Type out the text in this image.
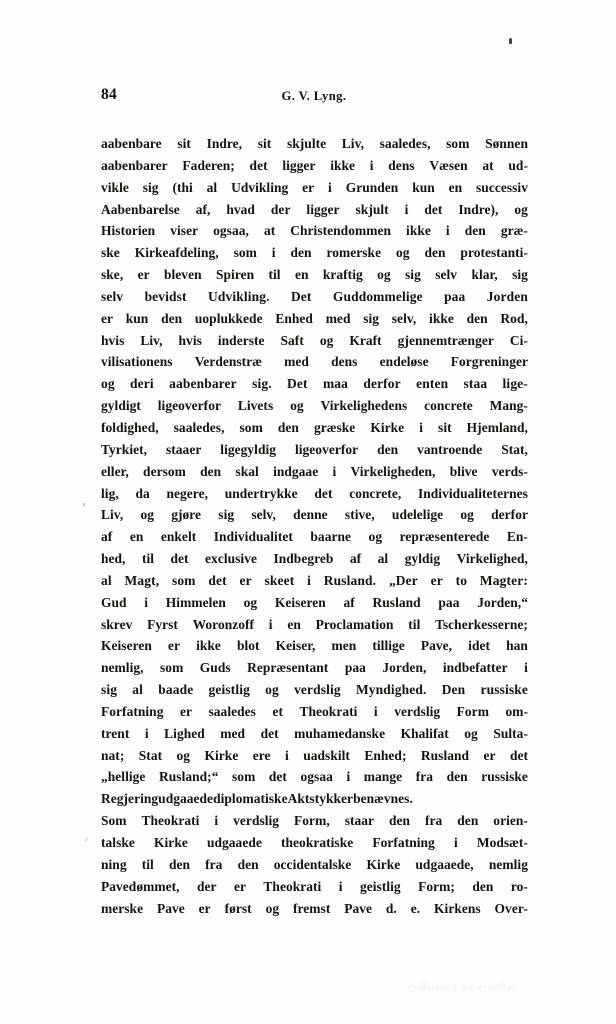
84	G. V. Lyng.
aabenbare sit Indre, sit skjulte Liv, saaledes, som Sønnen
aabenbarer Faderen; det ligger ikke i dens Væsen at ud-
vikle sig (thi al Udvikling er i Grunden kun en successiv
Aabenbarelse af, hvad der ligger skjult i det Indre), og
Historien viser ogsaa, at Christendommen ikke i den græ-
ske Kirkeafdeling, som i den romerske og den protestanti-
ske, er bleven Spiren til en kraftig og sig selv klar, sig
selv bevidst Udvikling. Det Guddommelige paa Jorden
er kun den uoplukkede Enhed med sig selv, ikke den Rod,
hvis Liv, hvis inderste Saft og Kraft gjennemtrænger Ci-
vilisationens Verdenstræ med dens endeløse Forgreninger
og deri aabenbarer sig. Det maa derfor enten staa lige-
gyldigt ligeoverfor Livets og Virkelighedens concrete Mang-
foldighed, saaledes, som den græske Kirke i sit Hjemland,
Tyrkiet, staaer ligegyldig ligeoverfor den vantroende Stat,
eller, dersom den skal indgaae i Virkeligheden, blive verds-
lig, da negere, undertrykke det concrete, Individualiteternes
Liv, og gjøre sig selv, denne stive, udelelige og derfor
af en enkelt Individualitet baarne og repræsenterede En-
hed, til det exclusive Indbegreb af al gyldig Virkelighed,
al Magt, som det er skeet i Rusland. „Der er to Magter:
Gud i Himmelen og Keiseren af Rusland paa Jorden,“
skrev Fyrst Woronzoff i en Proclamation til Tscherkesserne;
Keiseren er ikke blot Keiser, men tillige Pave, idet han
nemlig, som Guds Repræsentant paa Jorden, indbefatter i
sig al baade geistlig og verdslig Myndighed. Den russiske
Forfatning er saaledes et Theokrati i verdslig Form om-
trent i Lighed med det muhamedanske Khalifat og Sulta-
nat; Stat og Kirke ere i uadskilt Enhed; Rusland er det
„hellige Rusland;“ som det ogsaa i mange fra den russiske
Regjering udgaaede diplomatiske Aktstykker benævnes.
Som Theokrati i verdslig Form, staar den fra den orien-
talske Kirke udgaaede theokratiske Forfatning i Modsæt-
ning til den fra den occidentalske Kirke udgaaede, nemlig
Pavedømmet, der er Theokrati i geistlig Form; den ro-
merske Pave er først og fremst Pave d. e. Kirkens Over-
Digitized by Google
